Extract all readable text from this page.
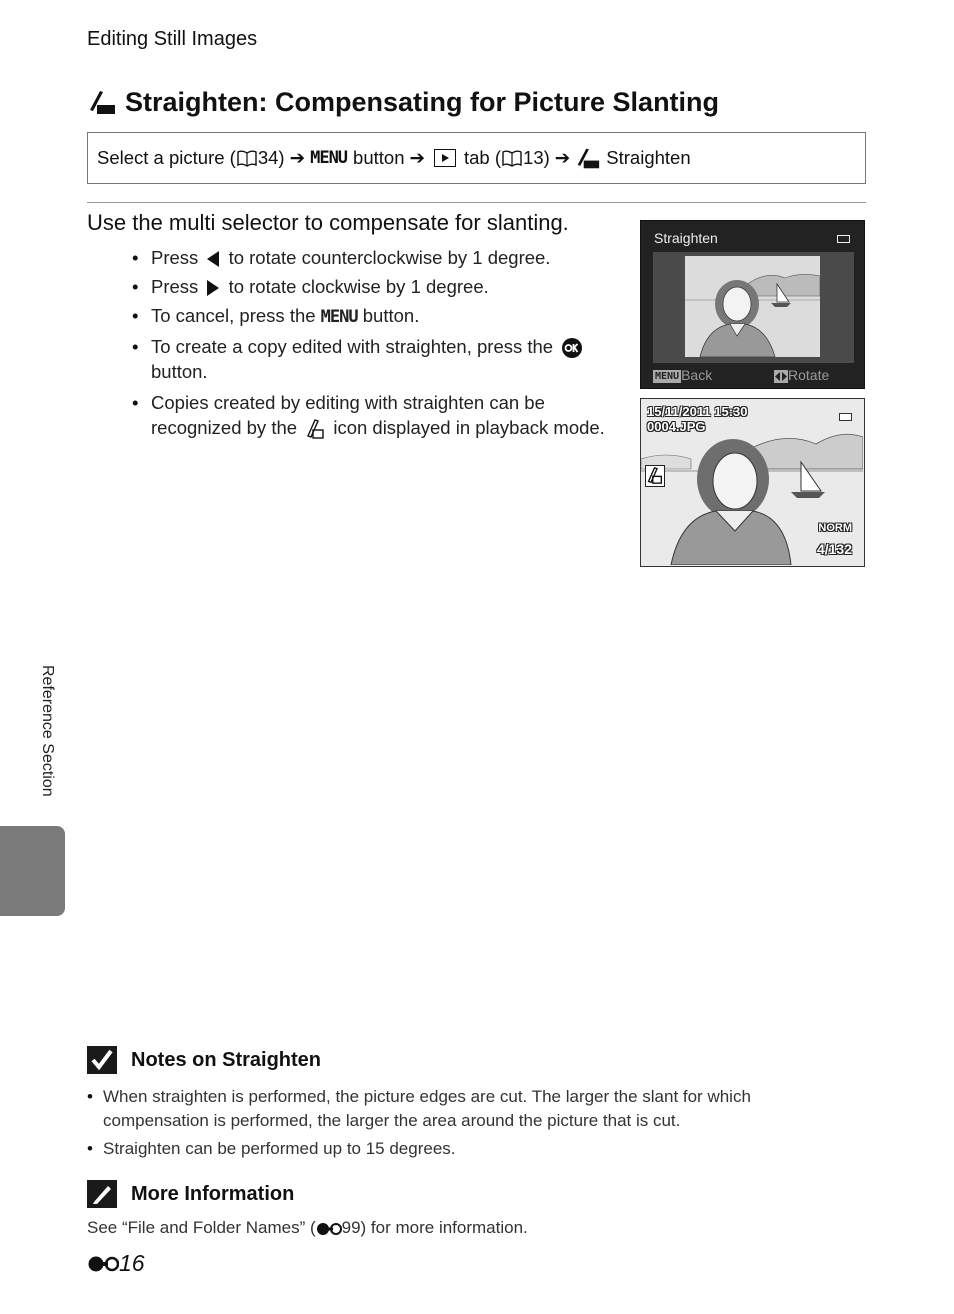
Editing Still Images
Straighten: Compensating for Picture Slanting
Select a picture ( 34) ➔ MENU button ➔ tab ( 13) ➔ Straighten
Use the multi selector to compensate for slanting.
• Press to rotate counterclockwise by 1 degree.
• Press to rotate clockwise by 1 degree.
• To cancel, press the MENU button.
• To create a copy edited with straighten, press the  button.
• Copies created by editing with straighten can be recognized by the icon displayed in playback mode.
Straighten
MENU Back	Rotate
15/11/2011 15:30
0004.JPG
NORM
4/132
Reference Section
Notes on Straighten
• When straighten is performed, the picture edges are cut. The larger the slant for which compensation is performed, the larger the area around the picture that is cut.
• Straighten can be performed up to 15 degrees.
More Information
See “File and Folder Names” ( 99) for more information.
16
